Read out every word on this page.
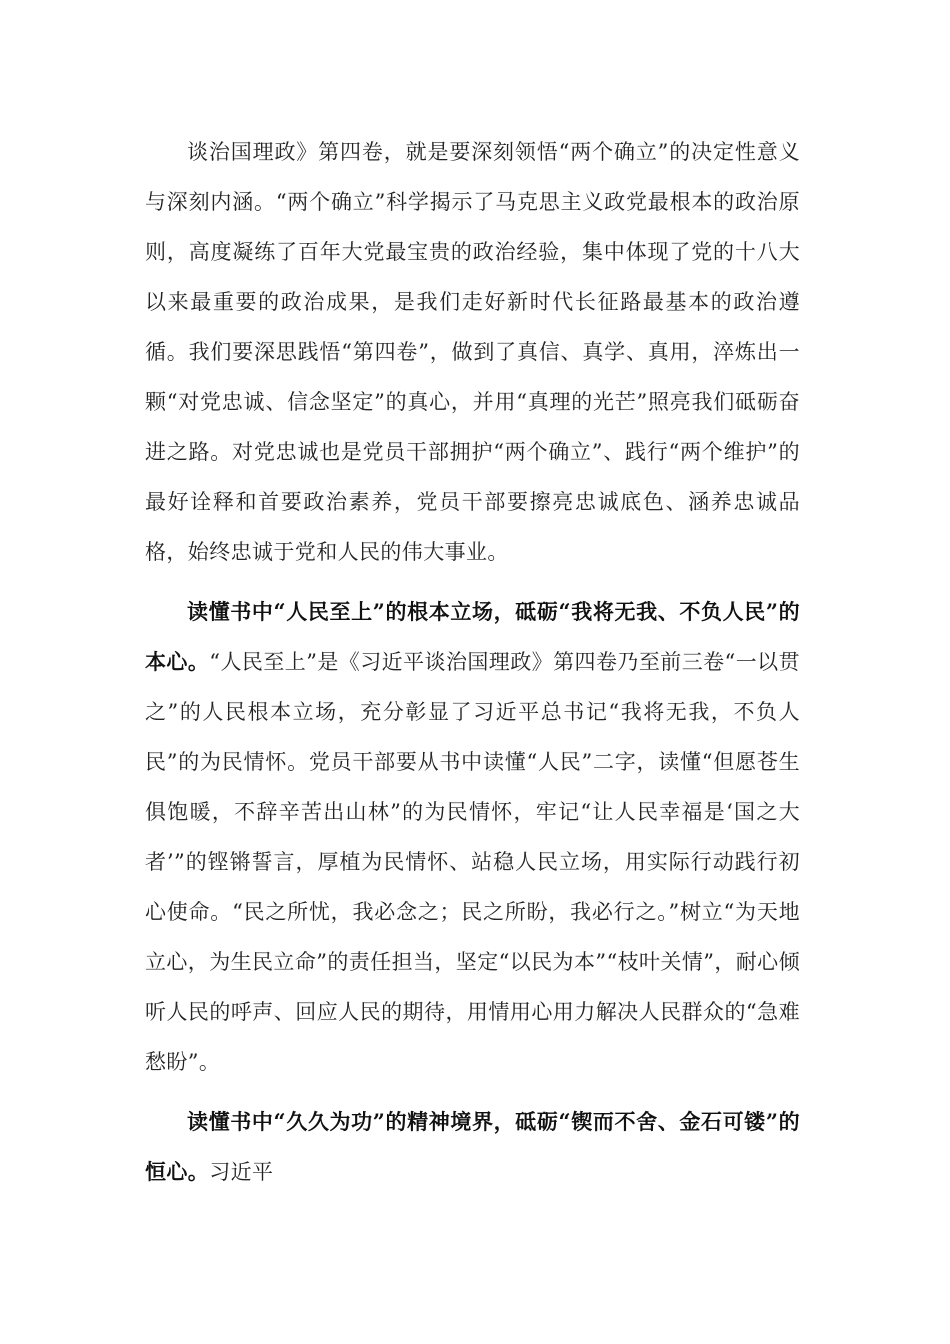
谈治国理政》第四卷，就是要深刻领悟“两个确立”的决定性意义与深刻内涵。“两个确立”科学揭示了马克思主义政党最根本的政治原则，高度凝练了百年大党最宝贵的政治经验，集中体现了党的十八大以来最重要的政治成果，是我们走好新时代长征路最基本的政治遵循。我们要深思践悟“第四卷”，做到了真信、真学、真用，淬炼出一颗“对党忠诚、信念坚定”的真心，并用“真理的光芒”照亮我们砥砺奋进之路。对党忠诚也是党员干部拥护“两个确立”、践行“两个维护”的最好诠释和首要政治素养，党员干部要擦亮忠诚底色、涵养忠诚品格，始终忠诚于党和人民的伟大事业。

读懂书中“人民至上”的根本立场，砥砺“我将无我、不负人民”的本心。“人民至上”是《习近平谈治国理政》第四卷乃至前三卷“一以贯之”的人民根本立场，充分彰显了习近平总书记“我将无我，不负人民”的为民情怀。党员干部要从书中读懂“人民”二字，读懂“但愿苍生俱饱暖，不辞辛苦出山林”的为民情怀，牢记“让人民幸福是‘国之大者’”的铿锵誓言，厚植为民情怀、站稳人民立场，用实际行动践行初心使命。“民之所忧，我必念之；民之所盼，我必行之。”树立“为天地立心，为生民立命”的责任担当，坚定“以民为本”“枝叶关情”，耐心倾听人民的呼声、回应人民的期待，用情用心用力解决人民群众的“急难愁盼”。

读懂书中“久久为功”的精神境界，砥砺“锲而不舍、金石可镂”的恒心。习近平
